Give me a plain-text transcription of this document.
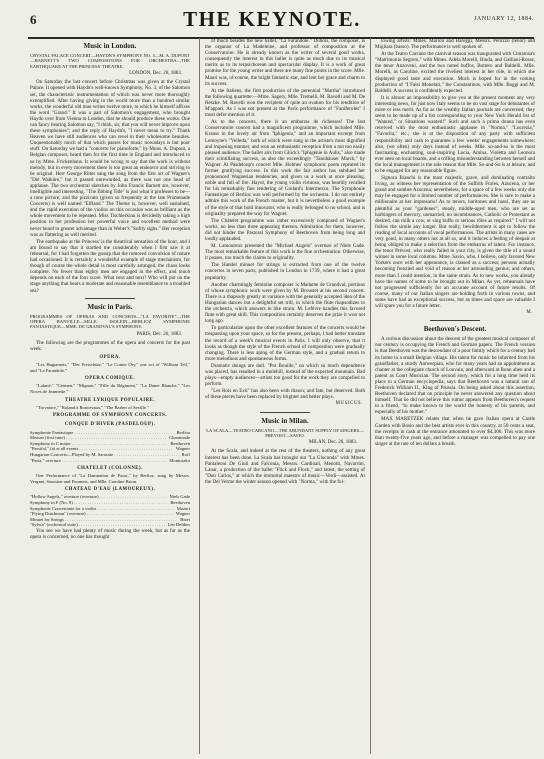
6	THE KEYNOTE.	JANUARY 12, 1884.
Music in London.
CRYSTAL PALACE CONCERT—HAYDN'S SYMPHONY NO. 3—M. A. DUPONT—BARNETT'S TWO COMPOSITIONS FOR ORCHESTRA—THE EARTHQUAKE AT THE PRINCESS' THEATRE.
LONDON, Dec. 26, 1883.
On Saturday the last concert before Christmas was given at the Crystal Palace. It opened with Haydn's well-known Symphony, No. 3, of the Salomon set, the characteristic instrumentation of which was never more thoroughly exemplified. After having giving to the world more than a hundred similar works, the wonderful old man writes twelve more, to which he himself affixes the word "Grand." It was a part of Salomon's engagement, who brought Haydn over from Vienna to London, that he should produce these works. One can fancy hearing Salomon say, "I think, sir, that you will never improve upon these symphonies"; and the reply of Haydn's, "I never mean to try." Thank Heaven we have still audiences who can revel in their wholesome beauties. Unquestionably much of that which passes for music nowadays is but poor stuff. On Saturday we had a "concerto for pianoforte," by Mons. A. Dupont, a Belgian composer, heard then for the first time in England and introduced to us by Mme. Frickenhaus. It would be wrong to say that the work is without melody, but in every movement there is too great an endeavor and striving to be original. Herr George Ritter sang the song from the first act of Wagner's "Die Walküre," but it passed unrewarded, as there was not one head of applause. The two orchestral sketches by John Francis Barnett are, however, intelligible and interesting. "The Ebbing Tide" is just what it professes to be—a tone picture; and the pizzicato (given so frequently at the late Promenade Concerts) is well named "Elfland." The Theme is, however, well sustained, and the rapid execution of the violins on this occasion was as brilliant as the whole movement to be repeated. Miss Tischlerkinn is decidedly taking a high position in her profession her powerful voice and excellent method were never heard to greater advantage than in Weber's "Softly sighs." Her reception was as flattering as well merited.
The earthquake at the Princess' is the theatrical sensation of the hour, and I am bound to say that it startled me considerably when I first saw it at rehearsal, for I had forgotten the gossip that the rumored convulsion of nature had occasioned. It is certainly a wonderful example of stage mechanism, for though of course the whole detail is most carefully arranged, the chaos looks complete. No fewer than eighty men are engaged in the effect, and much depends on each of the four score. What next and next? Who will put on the stage anything that bears a moderate and reasonable resemblance to a troubled sea?
Music in Paris.
PROGRAMMES OF OPERAS AND CONCERTS—"LA FAVORITE"—THE OPERA BANVILLE—MLLE. ISOLEIN—BERLIOZ SYMPHONIE FANTASTIQUE—MME. DE GRANDVAL'S SYMPHONY.
PARIS, Dec. 26, 1883.
The following are the programmes of the opera and concerts for the past week:
OPERA.
"Les Huguenots," "Der Freischütz," "Le Comte Ory," one act of "William Tell," and "La Farandole."
OPERA COMIQUE.
"Lakmé," "Carmen," "Mignon," "Fille du Régiment," "La Dame Blanche," "Les Noces de Jeannette."
THEATRE LYRIQUE POPULAIRE.
"Trovatore," "Roland à Roncevaux," "The Barber of Seville."
PROGRAMME OF SYMPHONY CONCERTS.
CONQUE D'HIVER (PASDELOUP).
Symphonie Fantastique . . .	Berlioz
Menuet (first time) . . .	Chaminade
Symphony in C major . . .	Beethoven
"Parsifal," (a) at all events . . .	Wagner
Hungarian Concerto—Played by M. Sarasate . . .	Roff
"Paria," overture . . .	Moniuszko
CHATELET (COLONNE).
One Performance of "La Damnation de Faust," by Berlioz, sung by Messrs. Vergnet, Saussine and Fournets, and Mlle. Caroline Brion.
CHATEAU D'EAU (LAMOUREUX).
"Hollow Angels," overture (overture) . . .	Niels Gade
Symphony in F (No. 8) . . .	Beethoven
Symphonic Concertante for a violin . . .	Mozart
"Flying Dutchman" (overture) . . .	Wagner
Minuet for Strings . . .	Bizet
"Sylvia" (orchestral suite) . . .	Léo Delibes
You see we have had plenty of music during the week, but as far as the opera is concerned, no one has thought
of much besides the new ballet, "La Farandole." Dubois, the composer, is the organist of La Madeleine, and professor of composition at the Conservatoire. He is already known as the writer of several good works, consequently the interest in this ballet is quite as much due to its musical merits as to its terpsichorean and spectacular display. It is a work of great promise for the young writer and there are many fine points in the score. Mlle. Mauri was, of course, the bright fantastic star, and lent her grace and charm to its success.
At the Italiens, the first production of the perennial "Martha" introduced the following quartette:—Mme. Sagery, Mlle. Tremelli, M. Ravelli and M. De Reszke. M. Ravelli won the recipient of quite an ovation for his rendition of M'appari. As I was not present at the Paris performance of "Faniferoles" I must defer mention of it.
As to the concerts, there is an embarras de richesses! The last Conservatoire concert had a magnificent programme, which included Mlle. Krauss in the lovely air from "Iphigenia," and an important excerpt from Lemoyne's "Velleda," both of which were sung in the artiste's most dignified and imposing manner, and won an enthusiastic reception from a not too easily pleased audience. The ballet airs from Glück's "Iphigénie in Aulis," also made their scintillating success, as also the exceedingly "Tannhäuser March," by Wagner. At Pasdeloup's concert Mlle. Holmes' symphonic poem repeated its former gratifying success. In this work the fair author has subdued her pronounced Wagnerian tendencies, and given us a work at once pleasing, noble and full of fire. Hayot, the young violin virtuoso, was heartily recalled for his remarkably fine rendering of Godard's Intermezzo. The Symphonie Fantastique of Berlioz was well performed by the orchestra. I do not entirely admire this work of the French master, but it is nevertheless a good example of the style of that bold innovator, who is really belonged to no school, and is originality prepared the way for Wagner.
The Châtelet programme was rather excessively composed of Wagner's works, no less than three appearing thereon. Admiration for them, however, did not hinder the Pastoral Symphony of Beethoven from being long and loudly applauded.
M. Lamoureux presented the "Michael Angelo" overture of Niels Gade. The most remarkable feature of this work is the fine orchestration. Otherwise, it posses, too much the claims to originality.
The Handel minuet for strings is extracted from one of the twelve concertos in seven parts, published in London in 1739, where it had a great popularity.
Another charmingly feminine composer is Madame de Grandval, portions of whose symphonic work were given by M. Broustet at his second concert. There is a rhapsody greatly at variance with the generally accepted idea of the Hungarian dances but a delightful set trill, in which the flute rhapsodizes to the orchestra, which answers in like strain. M. Lefèvre handles this favored flute with great skill. This composition certainly deserves the prize it won not long ago.
To particularize upon the other excellent features of the concerts would be trespassing upon your space, so for the present, perhaps, I had better translate the record of a week's musical events in Paris. I will only observe, that it looks as though the style of the French school of composition were gradually changing. There is less aping of the German style, and a gradual return to more melodious and spontaneous forms.
Dramatic doings are dull. "Pot Bouille," on which so much dependence was placed, has resulted in a molehill, instead of the expected mountain. Bad plays—empty audiences—artists too good for the work they are compelled to perform.
"Les Rois en Exil" has also been with drawn; and fate, but deserved. Both of these pieces have been replaced by brighter and better plays.
MUSICUS.
Music in Milan.
LA SCALA—TEATRO CARCANO—THE ABUNDANT SUPPLY OF SINGERS—PREVOST—SAVIO.
MILAN, Dec. 26, 1883.
At the Scala, and indeed at the rest of the theaters, nothing of any great interest has been done. La Scala has brought out "La Gioconda" with Mmes. Pantaleoni De Giuli and Falconia, Messrs. Cardinali, Menotti, Navarrini, Lanar, a production of the ballet "Flick and Flock," and latest, the setting of "Don Carlos," at which the immortal maestro of music—Verdi—assisted. At the Del Verme the winter season opened with "Norma," with the fol-
lowing artists: Mmes. Marion and Bareggi, Messrs. Peruzzo (tenor) and Migliara (basso). The performance is well spoken of.
At the Teatro Carcano the carnival season was inaugurated with Cimarosa's "Matrimonio Segreto," with Mmes. Adela Morelli, Binda, and Galliani-Rosse, the tenor Anzoveni, and the two noted buffos, Bottero and Baldelli. Mlle. Morelli, as Caroline, excited the liveliest interest in her rôle, in which she displayed good taste and execution. Much is hoped for in the coming production of "I Falsi Monetari," the Constantinos, with Mlle. Baggi and M. Baldelli. A success is confidently expected.
It is almost an impossibility to give you at the present moment any very interesting news, for just now Italy seems to be on vast stage for debutantes of more or less merit. As far as the wealthy Italian journals are concerned, they seem to be made up of a list corresponding to your New York Herald list of "Wanted," or Situations wanted!" Such and such a prima donna has even received with the most enthusiastic applause in "Norma," "Lucrezia," "Favorita," etc.; she is at the disposition of any party with sufficient responsibility and cash to guarantee a few weeks' engagements somewhere; also, (we often) only days instead of weeks. Mlle. so-and-so is the most fascinating, enchanting, soul-inspiring Lucia, Amina, Violetta and Leonora ever seen on local boards, and a trifling misunderstanding between herself and the local management is the sole reason that Mlle. So-and-So is at leisure, and to be engaged for any reasonable figure.
Signora Bianchi is the most majestic, grave, and dominating contralto living, as witness her representation of the Suffolk Furies, Azucena, or her grand and sombre Azucena; nevertheless, for a space of a few weeks only she may be engaged for a limited number of performances. She is sure to make a millionaire at her impresario! As to tenors, baritones and bassi, they are as plentiful as your "gardenes"; steady, middle-aged men, who are set as harbingers of mercury, unmarried, no incumbrances, Catholic or Protestant as desired, can milk a cow, or sing buffo or serious rôles as required." I will not follow the simile any longer. But really, bewilderment is apt to follow the reading of local accounts of vocal performances. The artists in many cases are very good, in many others not at all so, and it induces a feeling of despair at being obliged to make a selection from the embarras of talent. For instance, the tenor Prévost, who really failed in your city, is given the title of a sound winner in some local columns. Mme. Savio, who, I believe, only favored New Yorkers once with her appearance, is classed as a success; persons actually becoming frenzied and void of reason at her astounding genius; and others, more than I could mention, in the same strain. As to new works, you already have the names of some to be brought out in Milan. As yet, rehearsals have not progressed sufficiently for an accurate account of future results. Of course, many of our Italian singers are holding forth in various towns, and some have had as exceptional success, but as times and space are valuable I will spare you for a future letter.
M.
Beethoven's Descent.
A curious discussion about the descent of the greatest musical composer of our century is occupying the French and German papers. The French version is that Beethoven was the descendant of a poor family which for a century had its home in a small Belgian village. His talent for music he inherited from his grandfather, a sturdy Antwerpian, who for many years had an appointment as chanter at the collegiate church of Louvain, and afterward at Bonn ahen and a patent as Court Musician. The second story, which for a long time held its place in a German encyclopedia, says that Beethoven was a natural son of Frederick William II., King of Prussia. On being asked about this assertion, Beethoven declared that on principle he never answered any question about himself. That he did not believe this rumor appears from Beethoven's request to a friend, "to make known to the world the honesty of his parents, and especially of his mother."
MAX MARETZEK relates that when he gave Italian opera at Castle Garden with Bosio and the best artists ever in this country, at 50 cents a seat, the receipts in cash at the entrance amounted to over $4,300. This was more than twenty-five years ago, and before a manager was compelled to pay one singer at the rate of ten dollars a breath.
